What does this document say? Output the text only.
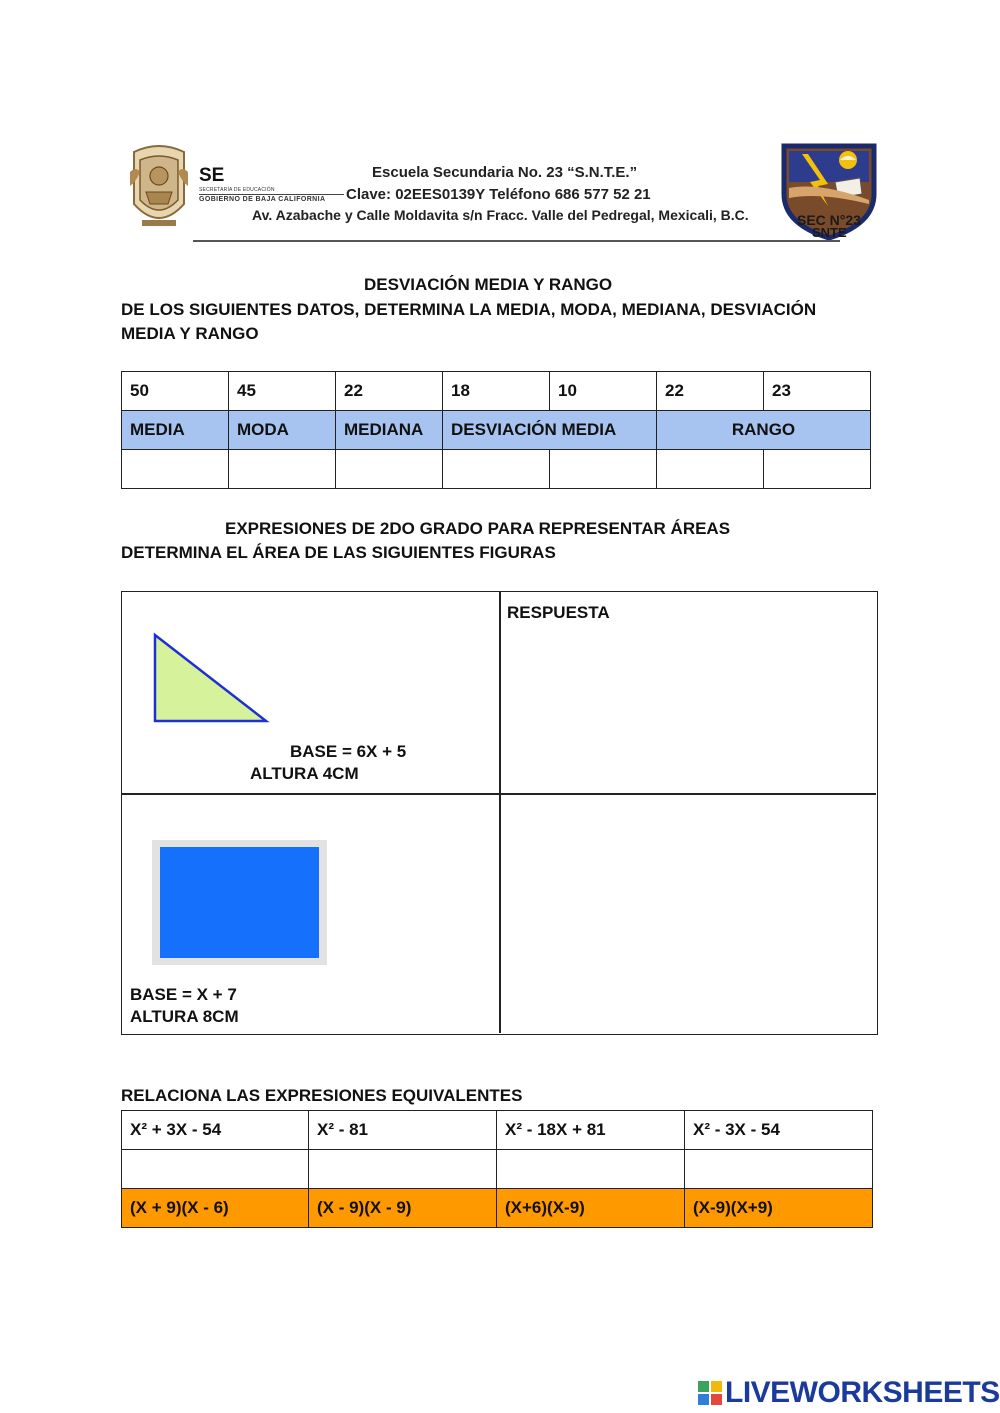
SE
SECRETARÍA DE EDUCACIÓN
GOBIERNO DE BAJA CALIFORNIA
Escuela Secundaria No. 23 “S.N.T.E.”
Clave: 02EES0139Y Teléfono 686 577 52 21
Av. Azabache y Calle Moldavita s/n Fracc. Valle del Pedregal, Mexicali, B.C.	SEC N°23
SNTE
DESVIACIÓN MEDIA Y RANGO
DE LOS SIGUIENTES DATOS, DETERMINA LA MEDIA, MODA, MEDIANA, DESVIACIÓN
MEDIA Y RANGO
50	45	22	18	10	22	23
MEDIA	MODA	MEDIANA	DESVIACIÓN MEDIA		RANGO	

EXPRESIONES DE 2DO GRADO PARA REPRESENTAR ÁREAS
DETERMINA EL ÁREA DE LAS SIGUIENTES FIGURAS
BASE = 6X + 5
ALTURA 4CM
RESPUESTA
BASE = X + 7
ALTURA 8CM
RELACIONA LAS EXPRESIONES EQUIVALENTES
X² + 3X - 54	X² - 81	X² - 18X + 81	X² - 3X - 54

(X + 9)(X - 6)	(X - 9)(X - 9)	(X+6)(X-9)	(X-9)(X+9)
LIVEWORKSHEETS
